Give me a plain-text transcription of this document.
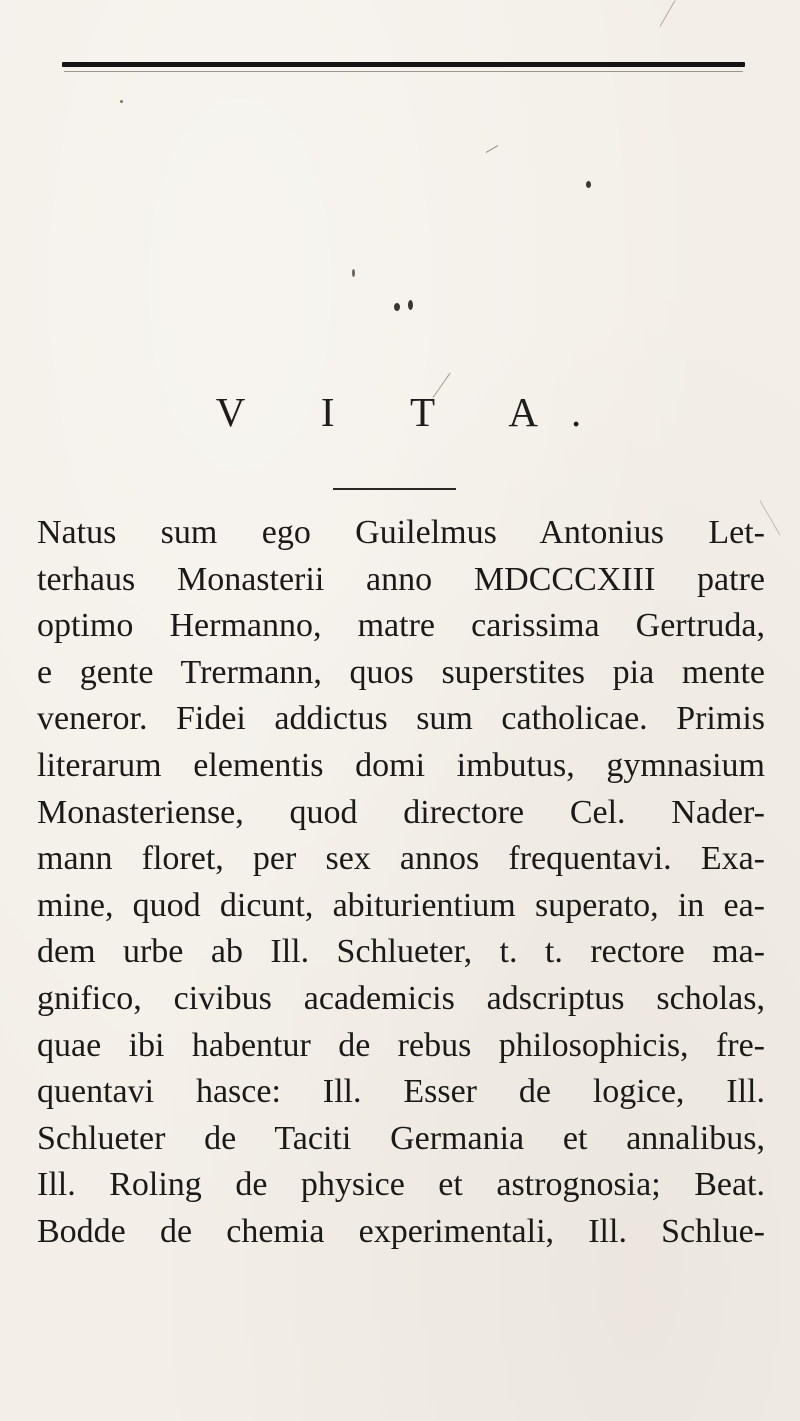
V I T A.
Natus sum ego Guilelmus Antonius Let-
terhaus Monasterii anno MDCCCXIII patre
optimo Hermanno, matre carissima Gertruda,
e gente Trermann, quos superstites pia mente
veneror. Fidei addictus sum catholicae. Primis
literarum elementis domi imbutus, gymnasium
Monasteriense, quod directore Cel. Nader-
mann floret, per sex annos frequentavi. Exa-
mine, quod dicunt, abiturientium superato, in ea-
dem urbe ab Ill. Schlueter, t. t. rectore ma-
gnifico, civibus academicis adscriptus scholas,
quae ibi habentur de rebus philosophicis, fre-
quentavi hasce: Ill. Esser de logice, Ill.
Schlueter de Taciti Germania et annalibus,
Ill. Roling de physice et astrognosia; Beat.
Bodde de chemia experimentali, Ill. Schlue-
